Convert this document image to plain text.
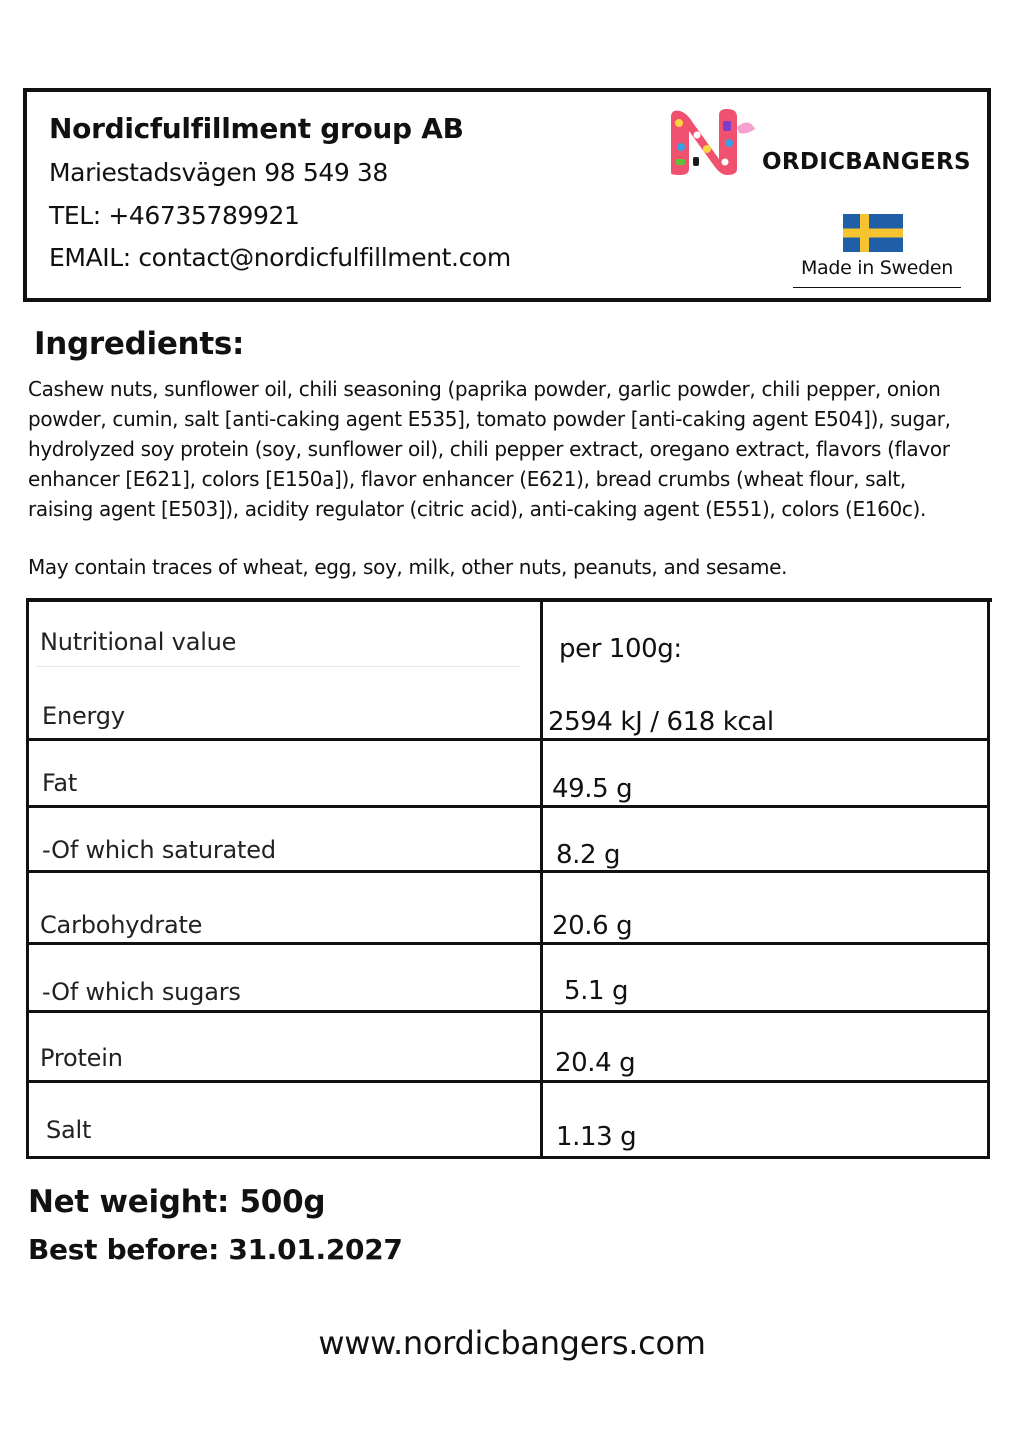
Nordicfulfillment group AB
Mariestadsvägen 98 549 38
TEL: +46735789921
EMAIL: contact@nordicfulfillment.com
ORDICBANGERS
Made in Sweden
Ingredients:
Cashew nuts, sunflower oil, chili seasoning (paprika powder, garlic powder, chili pepper, onion
powder, cumin, salt [anti-caking agent E535], tomato powder [anti-caking agent E504]), sugar,
hydrolyzed soy protein (soy, sunflower oil), chili pepper extract, oregano extract, flavors (flavor
enhancer [E621], colors [E150a]), flavor enhancer (E621), bread crumbs (wheat flour, salt,
raising agent [E503]), acidity regulator (citric acid), anti-caking agent (E551), colors (E160c).
May contain traces of wheat, egg, soy, milk, other nuts, peanuts, and sesame.
Nutritional value	per 100g:
Energy	2594 kJ / 618 kcal
Fat	49.5 g
-Of which saturated	8.2 g
Carbohydrate	20.6 g
-Of which sugars	5.1 g
Protein	20.4 g
Salt	1.13 g
Net weight: 500g
Best before: 31.01.2027
www.nordicbangers.com
